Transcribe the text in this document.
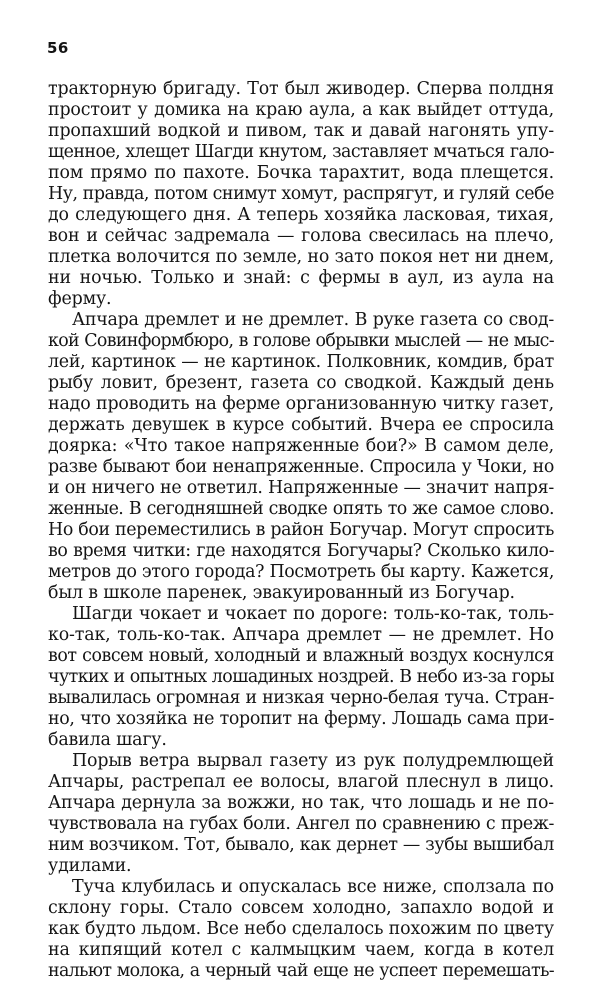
56
тракторную бригаду. Тот был живодер. Сперва полдня
простоит у домика на краю аула, а как выйдет оттуда,
пропахший водкой и пивом, так и давай нагонять упу-
щенное, хлещет Шагди кнутом, заставляет мчаться гало-
пом прямо по пахоте. Бочка тарахтит, вода плещется.
Ну, правда, потом снимут хомут, распрягут, и гуляй себе
до следующего дня. А теперь хозяйка ласковая, тихая,
вон и сейчас задремала — голова свесилась на плечо,
плетка волочится по земле, но зато покоя нет ни днем,
ни ночью. Только и знай: с фермы в аул, из аула на
ферму.
Апчара дремлет и не дремлет. В руке газета со свод-
кой Совинформбюро, в голове обрывки мыслей — не мыс-
лей, картинок — не картинок. Полковник, комдив, брат
рыбу ловит, брезент, газета со сводкой. Каждый день
надо проводить на ферме организованную читку газет,
держать девушек в курсе событий. Вчера ее спросила
доярка: «Что такое напряженные бои?» В самом деле,
разве бывают бои ненапряженные. Спросила у Чоки, но
и он ничего не ответил. Напряженные — значит напря-
женные. В сегодняшней сводке опять то же самое слово.
Но бои переместились в район Богучар. Могут спросить
во время читки: где находятся Богучары? Сколько кило-
метров до этого города? Посмотреть бы карту. Кажется,
был в школе паренек, эвакуированный из Богучар.
Шагди чокает и чокает по дороге: толь-ко-так, толь-
ко-так, толь-ко-так. Апчара дремлет — не дремлет. Но
вот совсем новый, холодный и влажный воздух коснулся
чутких и опытных лошадиных ноздрей. В небо из-за горы
вывалилась огромная и низкая черно-белая туча. Стран-
но, что хозяйка не торопит на ферму. Лошадь сама при-
бавила шагу.
Порыв ветра вырвал газету из рук полудремлющей
Апчары, растрепал ее волосы, влагой плеснул в лицо.
Апчара дернула за вожжи, но так, что лошадь и не по-
чувствовала на губах боли. Ангел по сравнению с преж-
ним возчиком. Тот, бывало, как дернет — зубы вышибал
удилами.
Туча клубилась и опускалась все ниже, сползала по
склону горы. Стало совсем холодно, запахло водой и
как будто льдом. Все небо сделалось похожим по цвету
на кипящий котел с калмыцким чаем, когда в котел
нальют молока, а черный чай еще не успеет перемешать-
